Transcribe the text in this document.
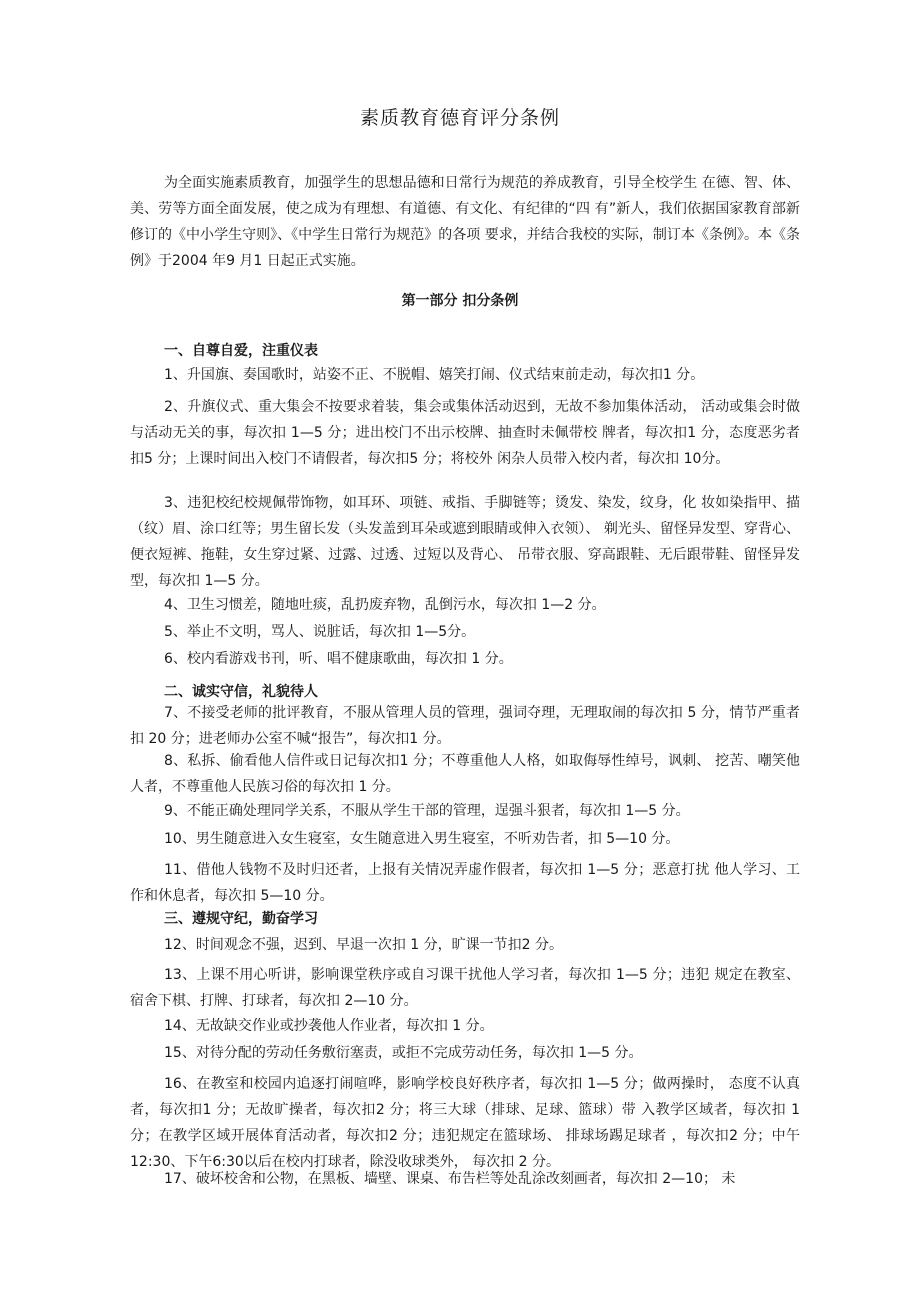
素质教育德育评分条例

为全面实施素质教育，加强学生的思想品德和日常行为规范的养成教育，引导全校学生 在德、智、体、美、劳等方面全面发展，使之成为有理想、有道德、有文化、有纪律的“四 有”新人，我们依据国家教育部新修订的《中小学生守则》、《中学生日常行为规范》的各项 要求，并结合我校的实际，制订本《条例》。本《条例》于2004 年9 月1 日起正式实施。

第一部分 扣分条例

一、自尊自爱，注重仪表

1、升国旗、奏国歌时，站姿不正、不脱帽、嬉笑打闹、仪式结束前走动，每次扣1 分。

2、升旗仪式、重大集会不按要求着装，集会或集体活动迟到，无故不参加集体活动， 活动或集会时做与活动无关的事，每次扣 1—5 分；进出校门不出示校牌、抽查时未佩带校 牌者，每次扣1 分，态度恶劣者扣5 分；上课时间出入校门不请假者，每次扣5 分；将校外 闲杂人员带入校内者，每次扣 10分。

3、违犯校纪校规佩带饰物，如耳环、项链、戒指、手脚链等；烫发、染发，纹身，化 妆如染指甲、描（纹）眉、涂口红等；男生留长发（头发盖到耳朵或遮到眼睛或伸入衣领）、 剃光头、留怪异发型、穿背心、便衣短裤、拖鞋，女生穿过紧、过露、过透、过短以及背心、 吊带衣服、穿高跟鞋、无后跟带鞋、留怪异发型，每次扣 1—5 分。

4、卫生习惯差，随地吐痰，乱扔废弃物，乱倒污水，每次扣 1—2 分。

5、举止不文明，骂人、说脏话，每次扣 1—5分。

6、校内看游戏书刊，听、唱不健康歌曲，每次扣 1 分。

二、诚实守信，礼貌待人

7、不接受老师的批评教育，不服从管理人员的管理，强词夺理，无理取闹的每次扣 5 分，情节严重者扣 20 分；进老师办公室不喊“报告”，每次扣1 分。

8、私拆、偷看他人信件或日记每次扣1 分；不尊重他人人格，如取侮辱性绰号，讽刺、 挖苦、嘲笑他人者，不尊重他人民族习俗的每次扣 1 分。

9、不能正确处理同学关系，不服从学生干部的管理，逞强斗狠者，每次扣 1—5 分。

10、男生随意进入女生寝室，女生随意进入男生寝室，不听劝告者，扣 5—10 分。

11、借他人钱物不及时归还者，上报有关情况弄虚作假者，每次扣 1—5 分；恶意打扰 他人学习、工作和休息者，每次扣 5—10 分。

三、遵规守纪，勤奋学习

12、时间观念不强，迟到、早退一次扣 1 分，旷课一节扣2 分。

13、上课不用心听讲，影响课堂秩序或自习课干扰他人学习者，每次扣 1—5 分；违犯 规定在教室、宿舍下棋、打牌、打球者，每次扣 2—10 分。

14、无故缺交作业或抄袭他人作业者，每次扣 1 分。

15、对待分配的劳动任务敷衍塞责，或拒不完成劳动任务，每次扣 1—5 分。

16、在教室和校园内追逐打闹喧哗，影响学校良好秩序者，每次扣 1—5 分；做两操时， 态度不认真者，每次扣1 分；无故旷操者，每次扣2 分；将三大球（排球、足球、篮球）带 入教学区域者，每次扣 1 分；在教学区域开展体育活动者，每次扣2 分；违犯规定在篮球场、 排球场踢足球者 ，每次扣2 分；中午12:30、下午6:30以后在校内打球者，除没收球类外， 每次扣 2 分。

17、破坏校舍和公物，在黑板、墙壁、课桌、布告栏等处乱涂改刻画者，每次扣 2—10； 未
